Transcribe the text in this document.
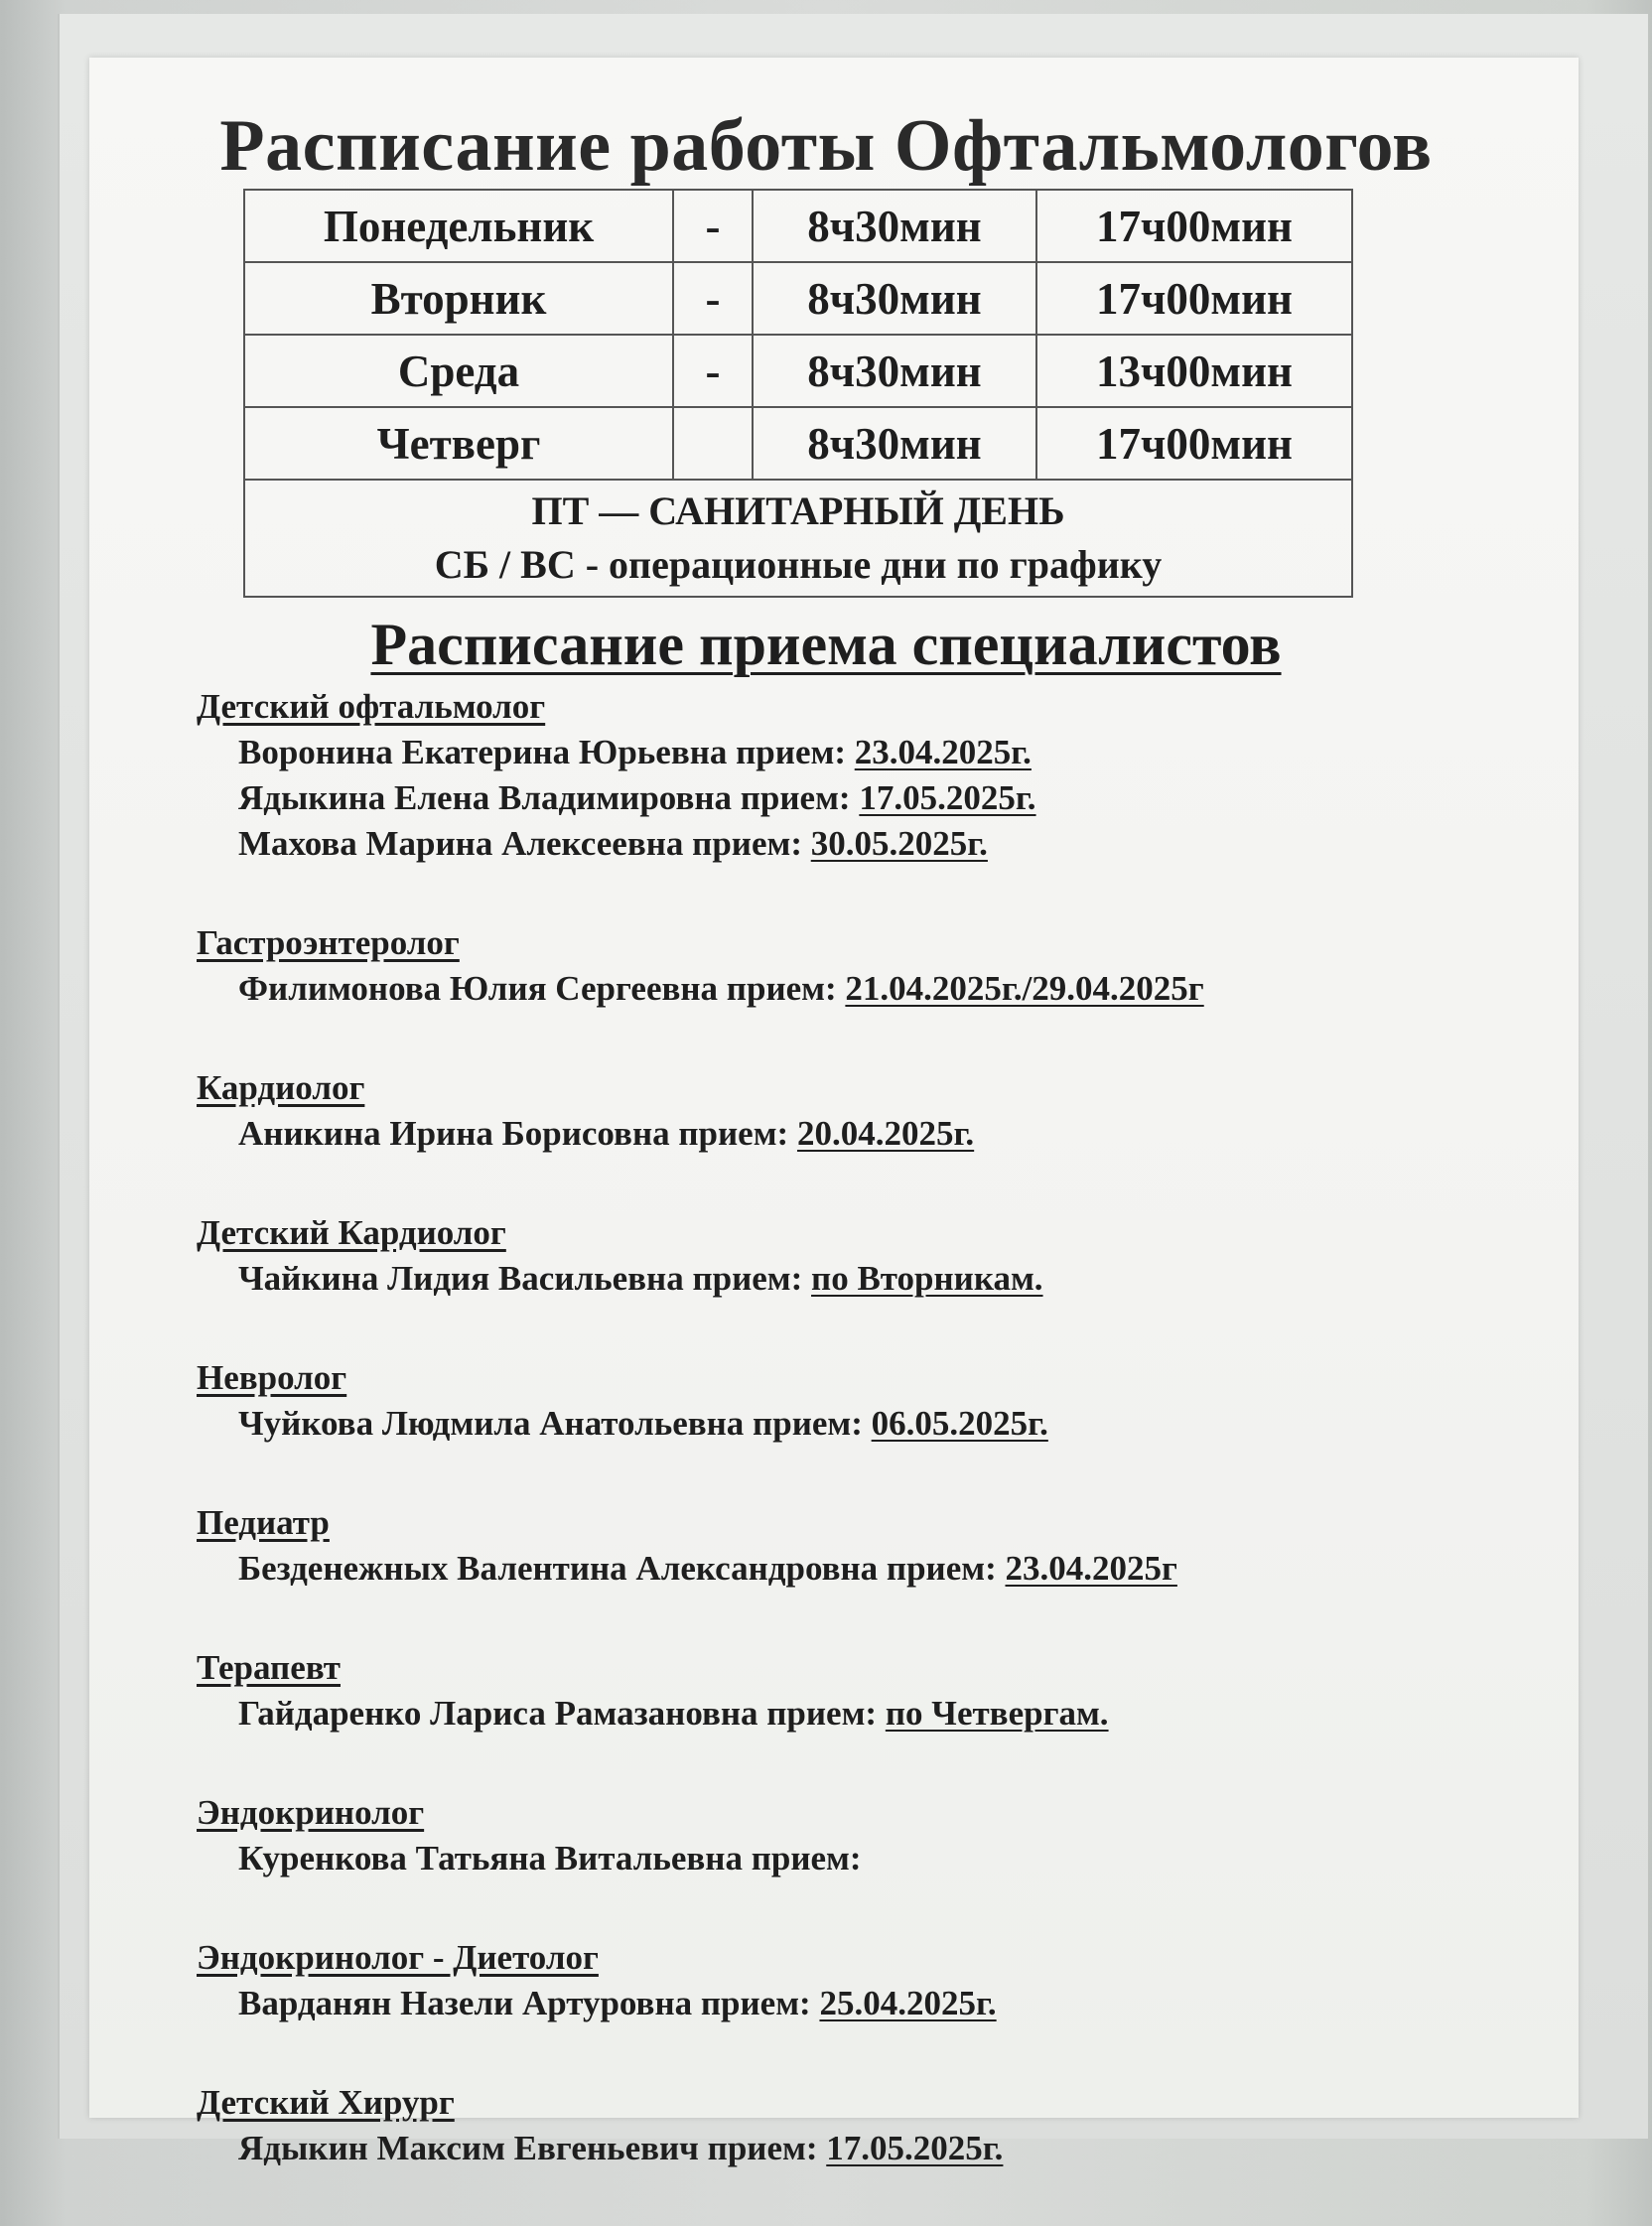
Расписание работы Офтальмологов
Понедельник	-	8ч30мин	17ч00мин
Вторник	-	8ч30мин	17ч00мин
Среда	-	8ч30мин	13ч00мин
Четверг		8ч30мин	17ч00мин

ПТ — САНИТАРНЫЙ ДЕНЬ
СБ / ВС - операционные дни по графику			
Расписание приема специалистов
Детский офтальмолог
Воронина Екатерина Юрьевна прием: 23.04.2025г.
Ядыкина Елена Владимировна прием: 17.05.2025г.
Махова Марина Алексеевна прием: 30.05.2025г.
Гастроэнтеролог
Филимонова Юлия Сергеевна прием: 21.04.2025г./29.04.2025г
Кардиолог
Аникина Ирина Борисовна прием: 20.04.2025г.
Детский Кардиолог
Чайкина Лидия Васильевна прием: по Вторникам.
Невролог
Чуйкова Людмила Анатольевна прием: 06.05.2025г.
Педиатр
Безденежных Валентина Александровна прием: 23.04.2025г
Терапевт
Гайдаренко Лариса Рамазановна прием: по Четвергам.
Эндокринолог
Куренкова Татьяна Витальевна прием:
Эндокринолог - Диетолог
Варданян Назели Артуровна прием: 25.04.2025г.
Детский Хирург
Ядыкин Максим Евгеньевич прием: 17.05.2025г.
